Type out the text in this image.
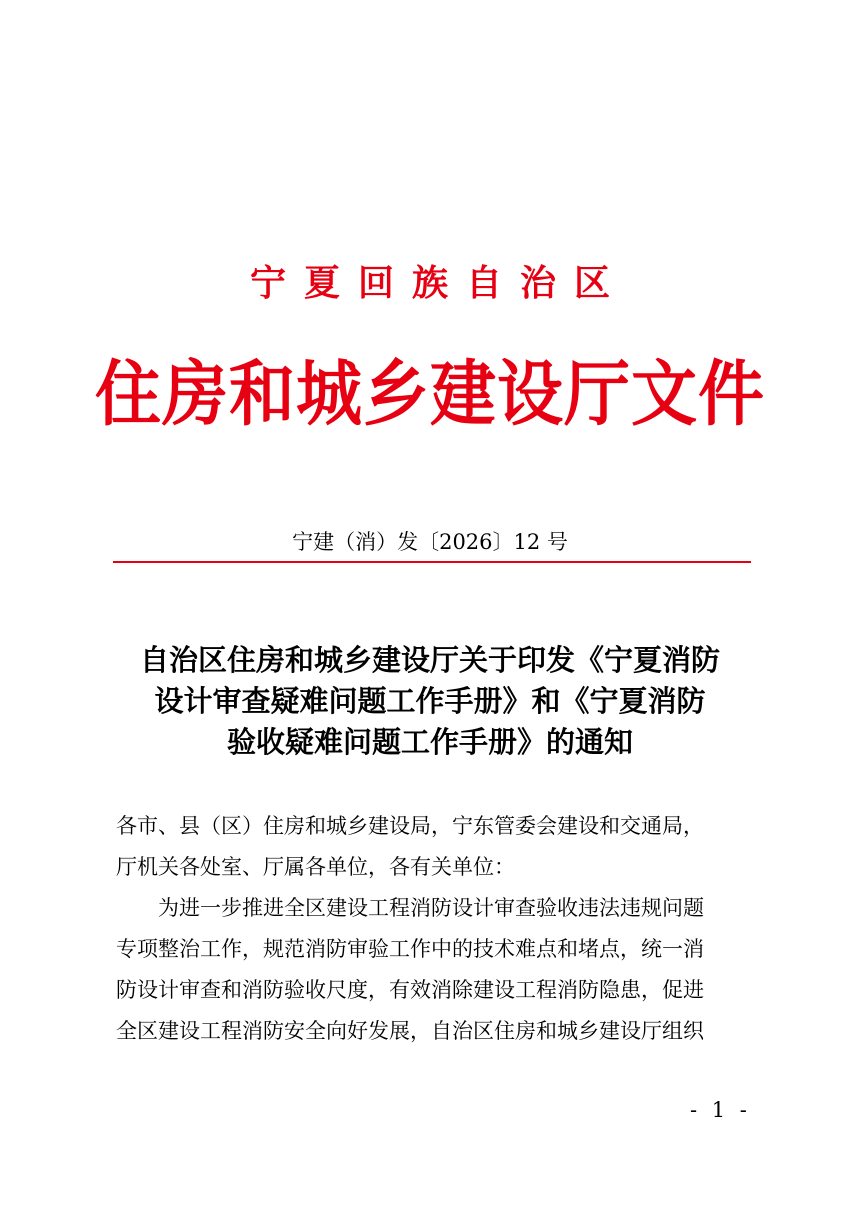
宁夏回族自治区
住房和城乡建设厅文件
宁建（消）发〔2026〕12 号
自治区住房和城乡建设厅关于印发《宁夏消防
设计审查疑难问题工作手册》和《宁夏消防
验收疑难问题工作手册》的通知
各市、县（区）住房和城乡建设局，宁东管委会建设和交通局，
厅机关各处室、厅属各单位，各有关单位：
为进一步推进全区建设工程消防设计审查验收违法违规问题
专项整治工作，规范消防审验工作中的技术难点和堵点，统一消
防设计审查和消防验收尺度，有效消除建设工程消防隐患，促进
全区建设工程消防安全向好发展，自治区住房和城乡建设厅组织
- 1 -
